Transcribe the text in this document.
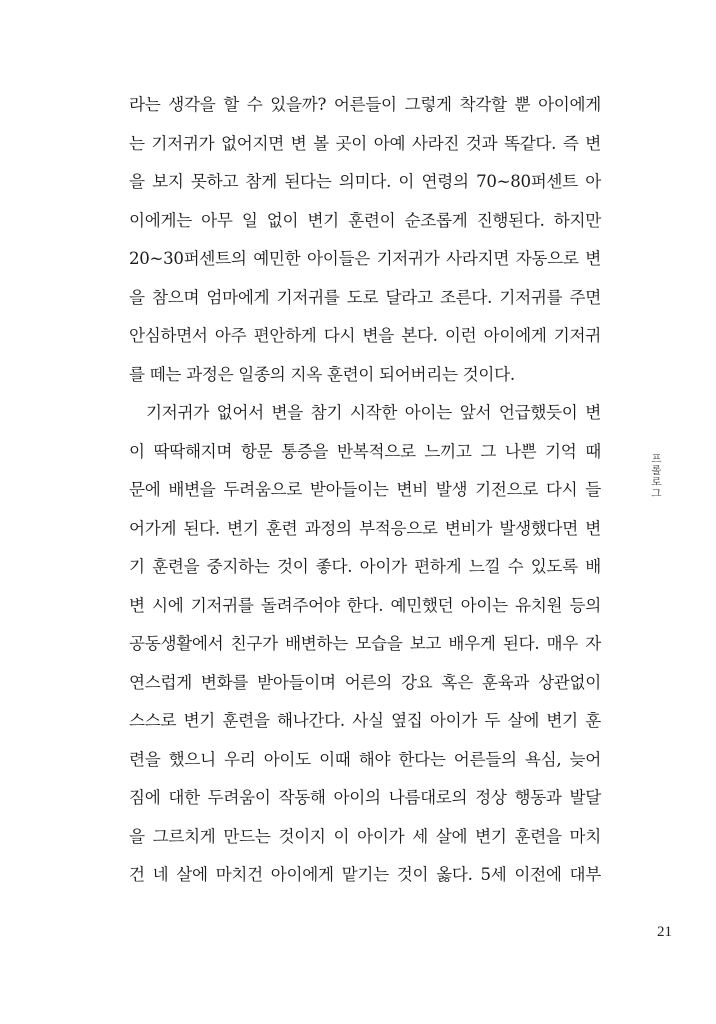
라는 생각을 할 수 있을까? 어른들이 그렇게 착각할 뿐 아이에게
는 기저귀가 없어지면 변 볼 곳이 아예 사라진 것과 똑같다. 즉 변
을 보지 못하고 참게 된다는 의미다. 이 연령의 70~80퍼센트 아
이에게는 아무 일 없이 변기 훈련이 순조롭게 진행된다. 하지만
20~30퍼센트의 예민한 아이들은 기저귀가 사라지면 자동으로 변
을 참으며 엄마에게 기저귀를 도로 달라고 조른다. 기저귀를 주면
안심하면서 아주 편안하게 다시 변을 본다. 이런 아이에게 기저귀
를 떼는 과정은 일종의 지옥 훈련이 되어버리는 것이다.
기저귀가 없어서 변을 참기 시작한 아이는 앞서 언급했듯이 변
이 딱딱해지며 항문 통증을 반복적으로 느끼고 그 나쁜 기억 때
문에 배변을 두려움으로 받아들이는 변비 발생 기전으로 다시 들
어가게 된다. 변기 훈련 과정의 부적응으로 변비가 발생했다면 변
기 훈련을 중지하는 것이 좋다. 아이가 편하게 느낄 수 있도록 배
변 시에 기저귀를 돌려주어야 한다. 예민했던 아이는 유치원 등의
공동생활에서 친구가 배변하는 모습을 보고 배우게 된다. 매우 자
연스럽게 변화를 받아들이며 어른의 강요 혹은 훈육과 상관없이
스스로 변기 훈련을 해나간다. 사실 옆집 아이가 두 살에 변기 훈
련을 했으니 우리 아이도 이때 해야 한다는 어른들의 욕심, 늦어
짐에 대한 두려움이 작동해 아이의 나름대로의 정상 행동과 발달
을 그르치게 만드는 것이지 이 아이가 세 살에 변기 훈련을 마치
건 네 살에 마치건 아이에게 맡기는 것이 옳다. 5세 이전에 대부
프롤로그
21
